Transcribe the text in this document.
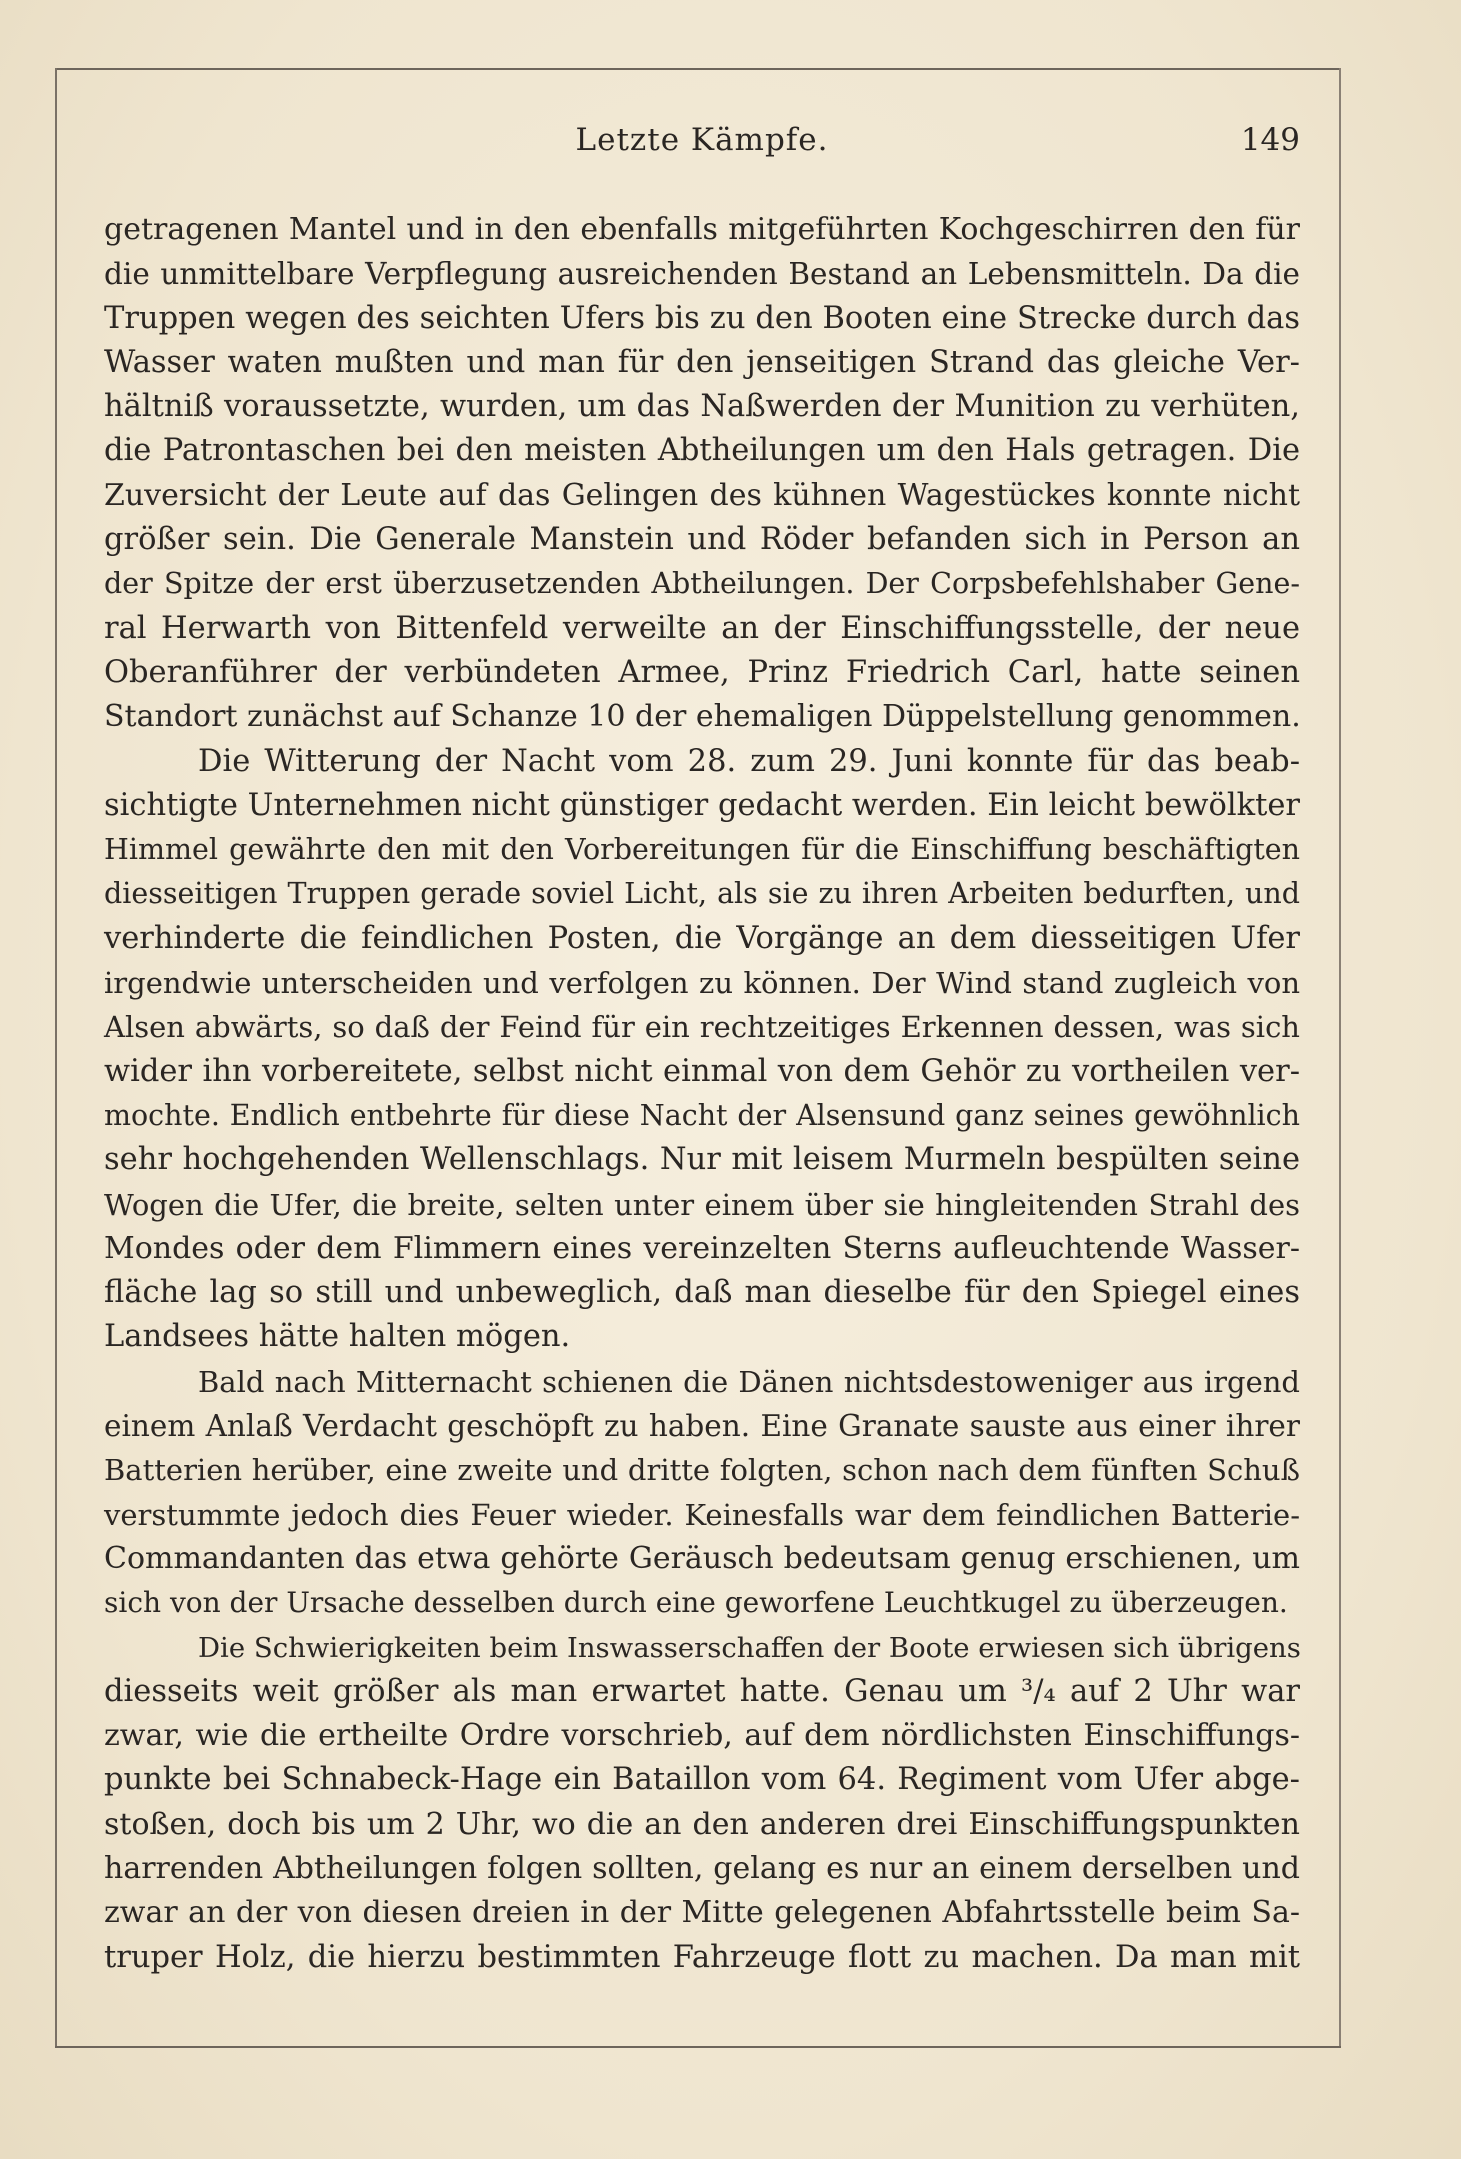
Letzte Kämpfe.	149
getragenen Mantel und in den ebenfalls mitgeführten Kochgeschirren den für
die unmittelbare Verpflegung ausreichenden Bestand an Lebensmitteln. Da die
Truppen wegen des seichten Ufers bis zu den Booten eine Strecke durch das
Wasser waten mußten und man für den jenseitigen Strand das gleiche Ver-
hältniß voraussetzte, wurden, um das Naßwerden der Munition zu verhüten,
die Patrontaschen bei den meisten Abtheilungen um den Hals getragen. Die
Zuversicht der Leute auf das Gelingen des kühnen Wagestückes konnte nicht
größer sein. Die Generale Manstein und Röder befanden sich in Person an
der Spitze der erst überzusetzenden Abtheilungen. Der Corpsbefehlshaber Gene-
ral Herwarth von Bittenfeld verweilte an der Einschiffungsstelle, der neue
Oberanführer der verbündeten Armee, Prinz Friedrich Carl, hatte seinen
Standort zunächst auf Schanze 10 der ehemaligen Düppelstellung genommen.
Die Witterung der Nacht vom 28. zum 29. Juni konnte für das beab-
sichtigte Unternehmen nicht günstiger gedacht werden. Ein leicht bewölkter
Himmel gewährte den mit den Vorbereitungen für die Einschiffung beschäftigten
diesseitigen Truppen gerade soviel Licht, als sie zu ihren Arbeiten bedurften, und
verhinderte die feindlichen Posten, die Vorgänge an dem diesseitigen Ufer
irgendwie unterscheiden und verfolgen zu können. Der Wind stand zugleich von
Alsen abwärts, so daß der Feind für ein rechtzeitiges Erkennen dessen, was sich
wider ihn vorbereitete, selbst nicht einmal von dem Gehör zu vortheilen ver-
mochte. Endlich entbehrte für diese Nacht der Alsensund ganz seines gewöhnlich
sehr hochgehenden Wellenschlags. Nur mit leisem Murmeln bespülten seine
Wogen die Ufer, die breite, selten unter einem über sie hingleitenden Strahl des
Mondes oder dem Flimmern eines vereinzelten Sterns aufleuchtende Wasser-
fläche lag so still und unbeweglich, daß man dieselbe für den Spiegel eines
Landsees hätte halten mögen.
Bald nach Mitternacht schienen die Dänen nichtsdestoweniger aus irgend
einem Anlaß Verdacht geschöpft zu haben. Eine Granate sauste aus einer ihrer
Batterien herüber, eine zweite und dritte folgten, schon nach dem fünften Schuß
verstummte jedoch dies Feuer wieder. Keinesfalls war dem feindlichen Batterie-
Commandanten das etwa gehörte Geräusch bedeutsam genug erschienen, um
sich von der Ursache desselben durch eine geworfene Leuchtkugel zu überzeugen.
Die Schwierigkeiten beim Inswasserschaffen der Boote erwiesen sich übrigens
diesseits weit größer als man erwartet hatte. Genau um ³/₄ auf 2 Uhr war
zwar, wie die ertheilte Ordre vorschrieb, auf dem nördlichsten Einschiffungs-
punkte bei Schnabeck-Hage ein Bataillon vom 64. Regiment vom Ufer abge-
stoßen, doch bis um 2 Uhr, wo die an den anderen drei Einschiffungspunkten
harrenden Abtheilungen folgen sollten, gelang es nur an einem derselben und
zwar an der von diesen dreien in der Mitte gelegenen Abfahrtsstelle beim Sa-
truper Holz, die hierzu bestimmten Fahrzeuge flott zu machen. Da man mit
